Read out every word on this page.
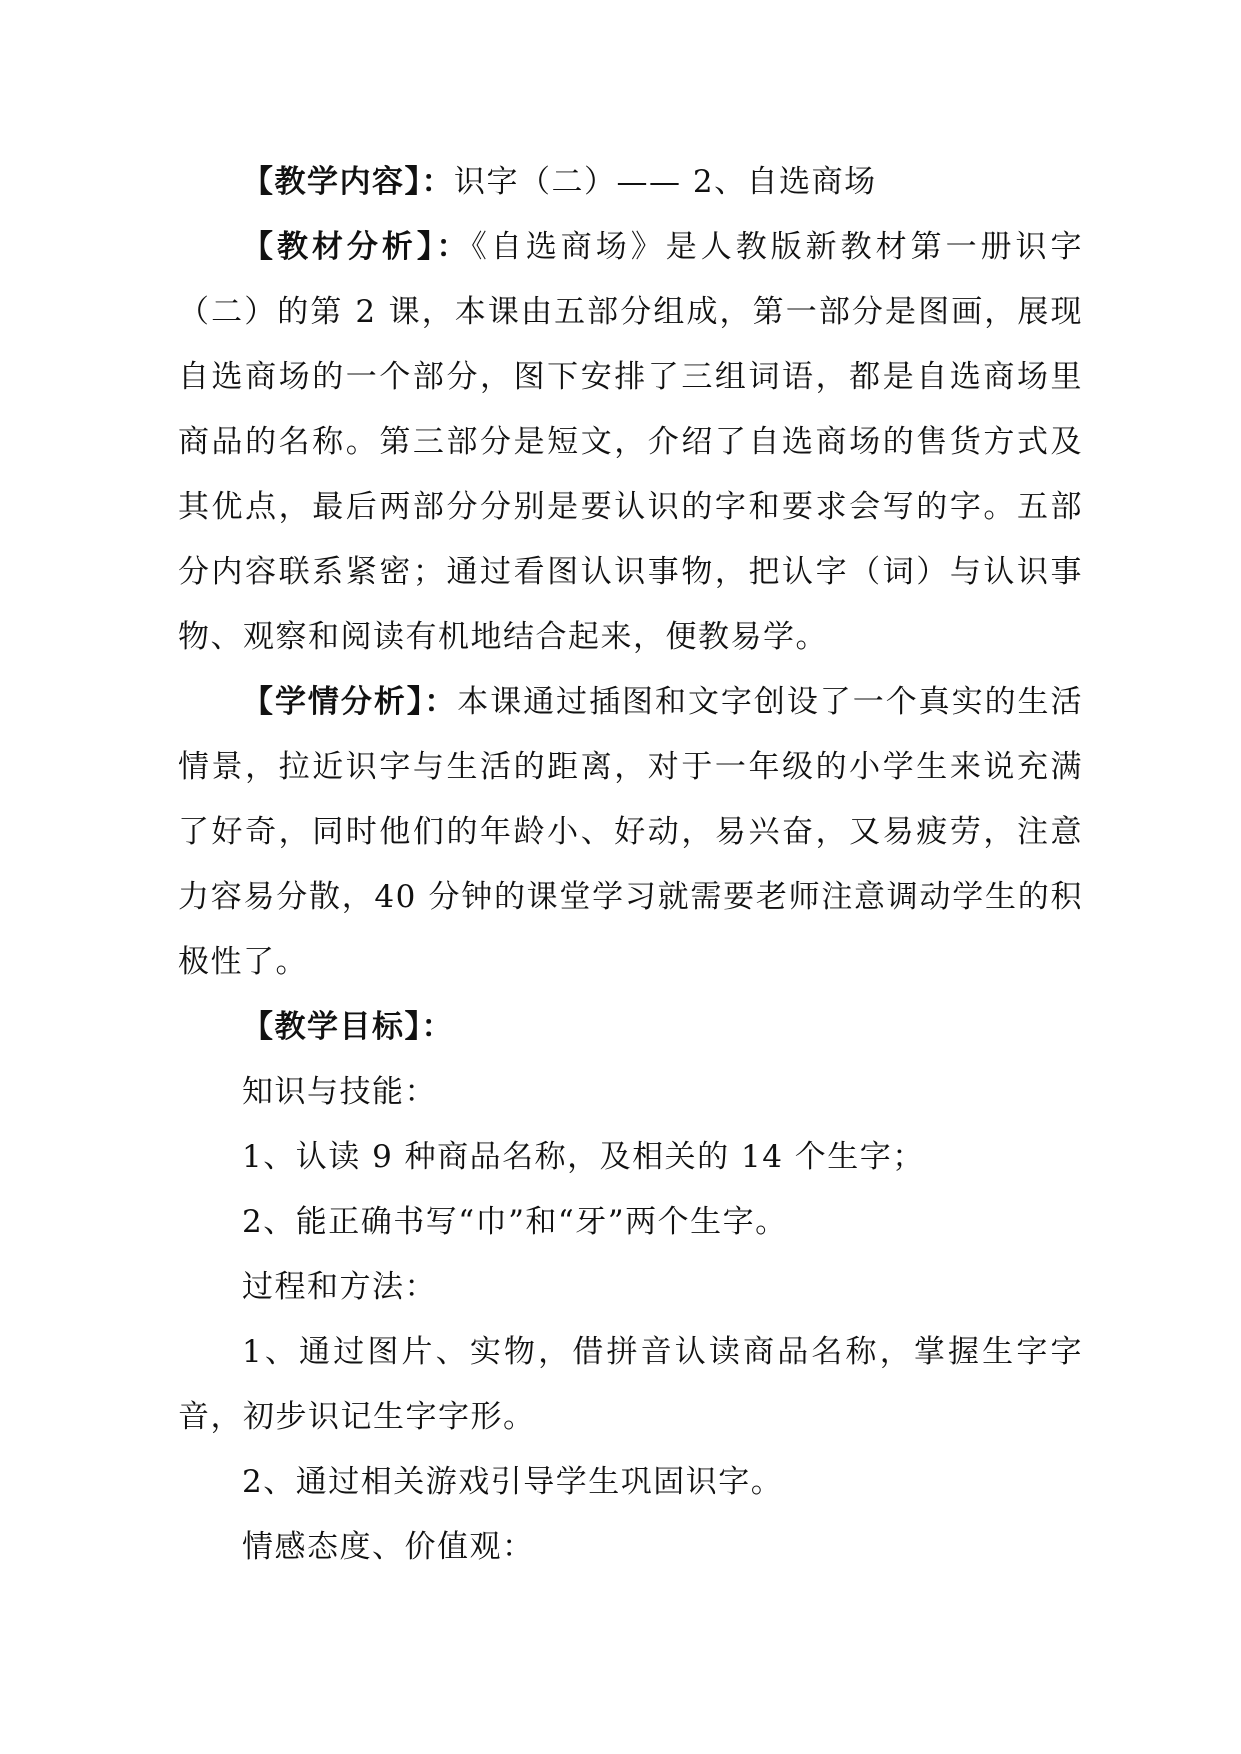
【教学内容】：识字（二）—— 2、自选商场

【教材分析】：《自选商场》是人教版新教材第一册识字（二）的第 2 课，本课由五部分组成，第一部分是图画，展现自选商场的一个部分，图下安排了三组词语，都是自选商场里商品的名称。第三部分是短文，介绍了自选商场的售货方式及其优点，最后两部分分别是要认识的字和要求会写的字。五部分内容联系紧密；通过看图认识事物，把认字（词）与认识事物、观察和阅读有机地结合起来，便教易学。

【学情分析】：本课通过插图和文字创设了一个真实的生活情景，拉近识字与生活的距离，对于一年级的小学生来说充满了好奇，同时他们的年龄小、好动，易兴奋，又易疲劳，注意力容易分散，40 分钟的课堂学习就需要老师注意调动学生的积极性了。

【教学目标】：

知识与技能：

1、认读 9 种商品名称，及相关的 14 个生字；

2、能正确书写“巾”和“牙”两个生字。

过程和方法：

1、通过图片、实物，借拼音认读商品名称，掌握生字字音，初步识记生字字形。

2、通过相关游戏引导学生巩固识字。

情感态度、价值观：
